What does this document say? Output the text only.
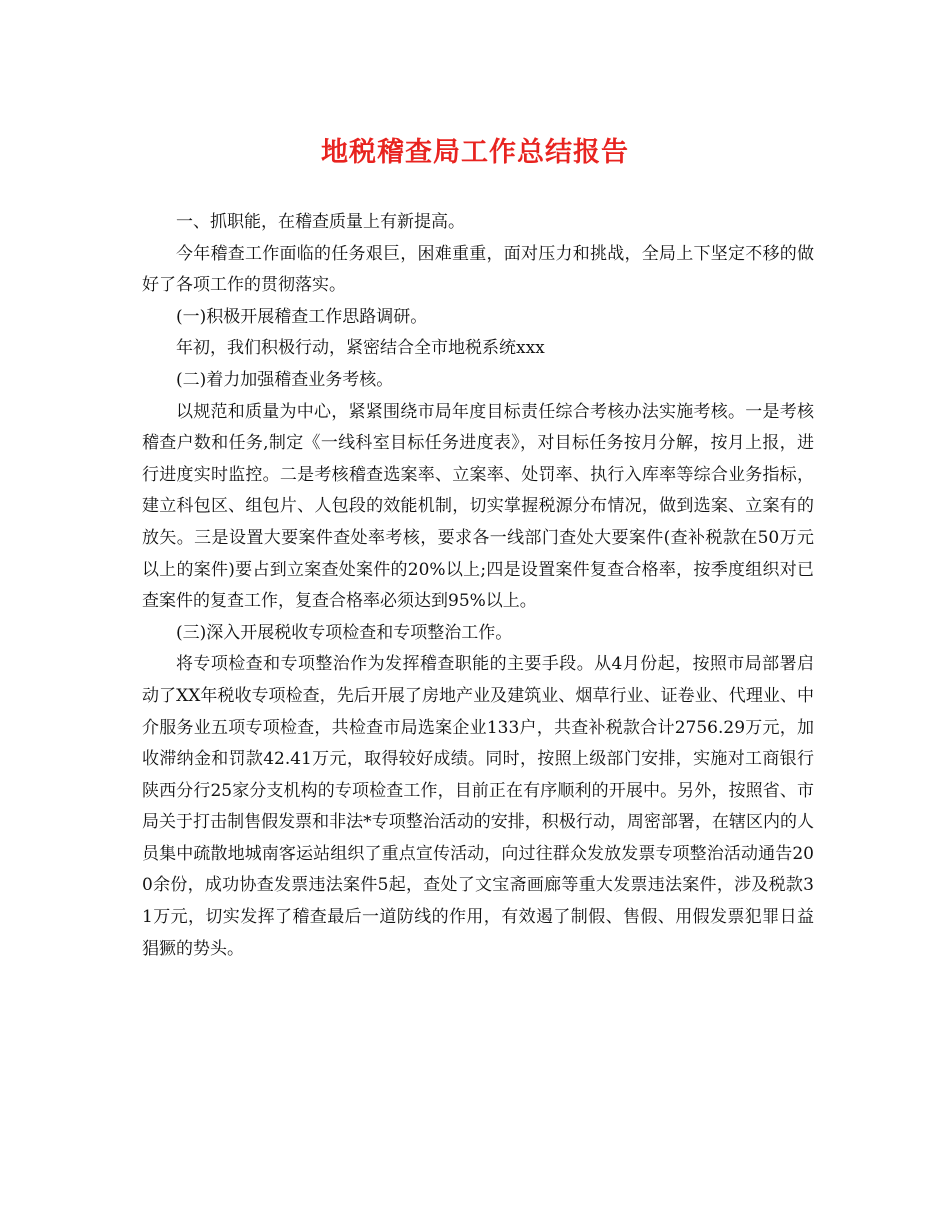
地税稽查局工作总结报告

一、抓职能，在稽查质量上有新提高。

今年稽查工作面临的任务艰巨，困难重重，面对压力和挑战，全局上下坚定不移的做好了各项工作的贯彻落实。

(一)积极开展稽查工作思路调研。

年初，我们积极行动，紧密结合全市地税系统xxx

(二)着力加强稽查业务考核。

以规范和质量为中心，紧紧围绕市局年度目标责任综合考核办法实施考核。一是考核稽查户数和任务,制定《一线科室目标任务进度表》，对目标任务按月分解，按月上报，进行进度实时监控。二是考核稽查选案率、立案率、处罚率、执行入库率等综合业务指标，建立科包区、组包片、人包段的效能机制，切实掌握税源分布情况，做到选案、立案有的放矢。三是设置大要案件查处率考核，要求各一线部门查处大要案件(查补税款在50万元以上的案件)要占到立案查处案件的20%以上;四是设置案件复查合格率，按季度组织对已查案件的复查工作，复查合格率必须达到95%以上。

(三)深入开展税收专项检查和专项整治工作。

将专项检查和专项整治作为发挥稽查职能的主要手段。从4月份起，按照市局部署启动了XX年税收专项检查，先后开展了房地产业及建筑业、烟草行业、证卷业、代理业、中介服务业五项专项检查，共检查市局选案企业133户，共查补税款合计2756.29万元，加收滞纳金和罚款42.41万元，取得较好成绩。同时，按照上级部门安排，实施对工商银行陕西分行25家分支机构的专项检查工作，目前正在有序顺利的开展中。另外，按照省、市局关于打击制售假发票和非法*专项整治活动的安排，积极行动，周密部署，在辖区内的人员集中疏散地城南客运站组织了重点宣传活动，向过往群众发放发票专项整治活动通告200余份，成功协查发票违法案件5起，查处了文宝斋画廊等重大发票违法案件，涉及税款31万元，切实发挥了稽查最后一道防线的作用，有效遏了制假、售假、用假发票犯罪日益猖獗的势头。
